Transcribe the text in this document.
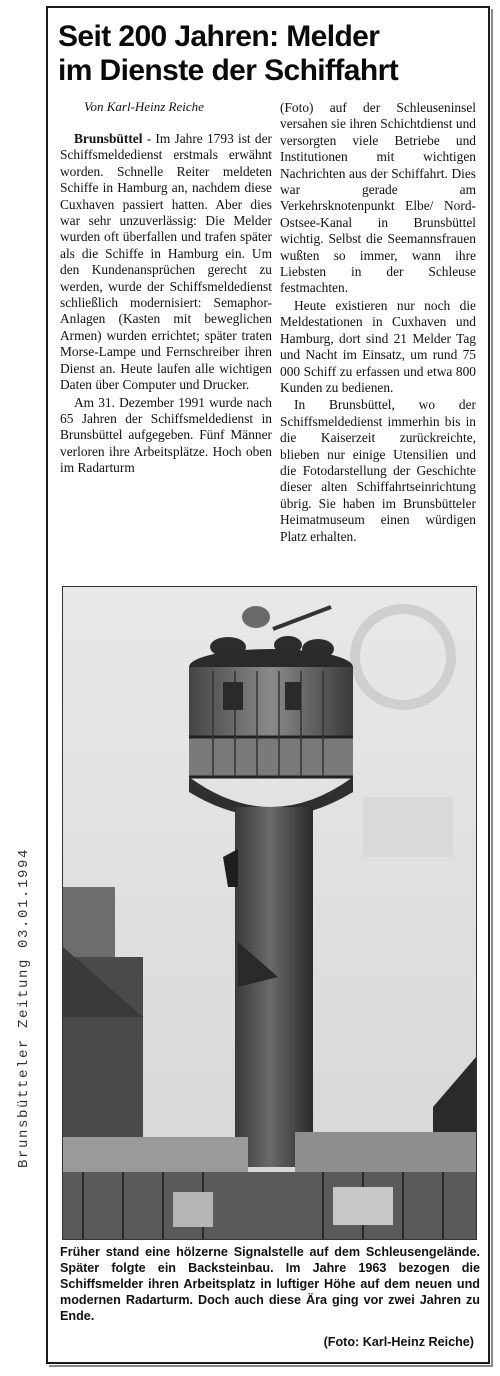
Brunsbütteler Zeitung 03.01.1994
Seit 200 Jahren: Melder
im Dienste der Schiffahrt
Von Karl-Heinz Reiche

Brunsbüttel - Im Jahre 1793 ist der Schiffsmeldedienst erstmals erwähnt worden. Schnelle Reiter meldeten Schiffe in Hamburg an, nachdem diese Cuxhaven passiert hatten. Aber dies war sehr unzuverlässig: Die Melder wurden oft überfallen und trafen später als die Schiffe in Hamburg ein. Um den Kundenansprüchen gerecht zu werden, wurde der Schiffsmeldedienst schließlich modernisiert: Semaphor-Anlagen (Kasten mit beweglichen Armen) wurden errichtet; später traten Morse-Lampe und Fernschreiber ihren Dienst an. Heute laufen alle wichtigen Daten über Computer und Drucker.

Am 31. Dezember 1991 wurde nach 65 Jahren der Schiffsmeldedienst in Brunsbüttel aufgegeben. Fünf Männer verloren ihre Arbeitsplätze. Hoch oben im Radarturm

(Foto) auf der Schleuseninsel versahen sie ihren Schichtdienst und versorgten viele Betriebe und Institutionen mit wichtigen Nachrichten aus der Schiffahrt. Dies war gerade am Verkehrsknotenpunkt Elbe/ Nord-Ostsee-Kanal in Brunsbüttel wichtig. Selbst die Seemannsfrauen wußten so immer, wann ihre Liebsten in der Schleuse festmachten.

Heute existieren nur noch die Meldestationen in Cuxhaven und Hamburg, dort sind 21 Melder Tag und Nacht im Einsatz, um rund 75 000 Schiff zu erfassen und etwa 800 Kunden zu bedienen.

In Brunsbüttel, wo der Schiffsmeldedienst immerhin bis in die Kaiserzeit zurückreichte, blieben nur einige Utensilien und die Fotodarstellung der Geschichte dieser alten Schiffahrtseinrichtung übrig. Sie haben im Brunsbütteler Heimatmuseum einen würdigen Platz erhalten.

Früher stand eine hölzerne Signalstelle auf dem Schleusengelände. Später folgte ein Backsteinbau. Im Jahre 1963 bezogen die Schiffsmelder ihren Arbeitsplatz in luftiger Höhe auf dem neuen und modernen Radarturm. Doch auch diese Ära ging vor zwei Jahren zu Ende.
(Foto: Karl-Heinz Reiche)
